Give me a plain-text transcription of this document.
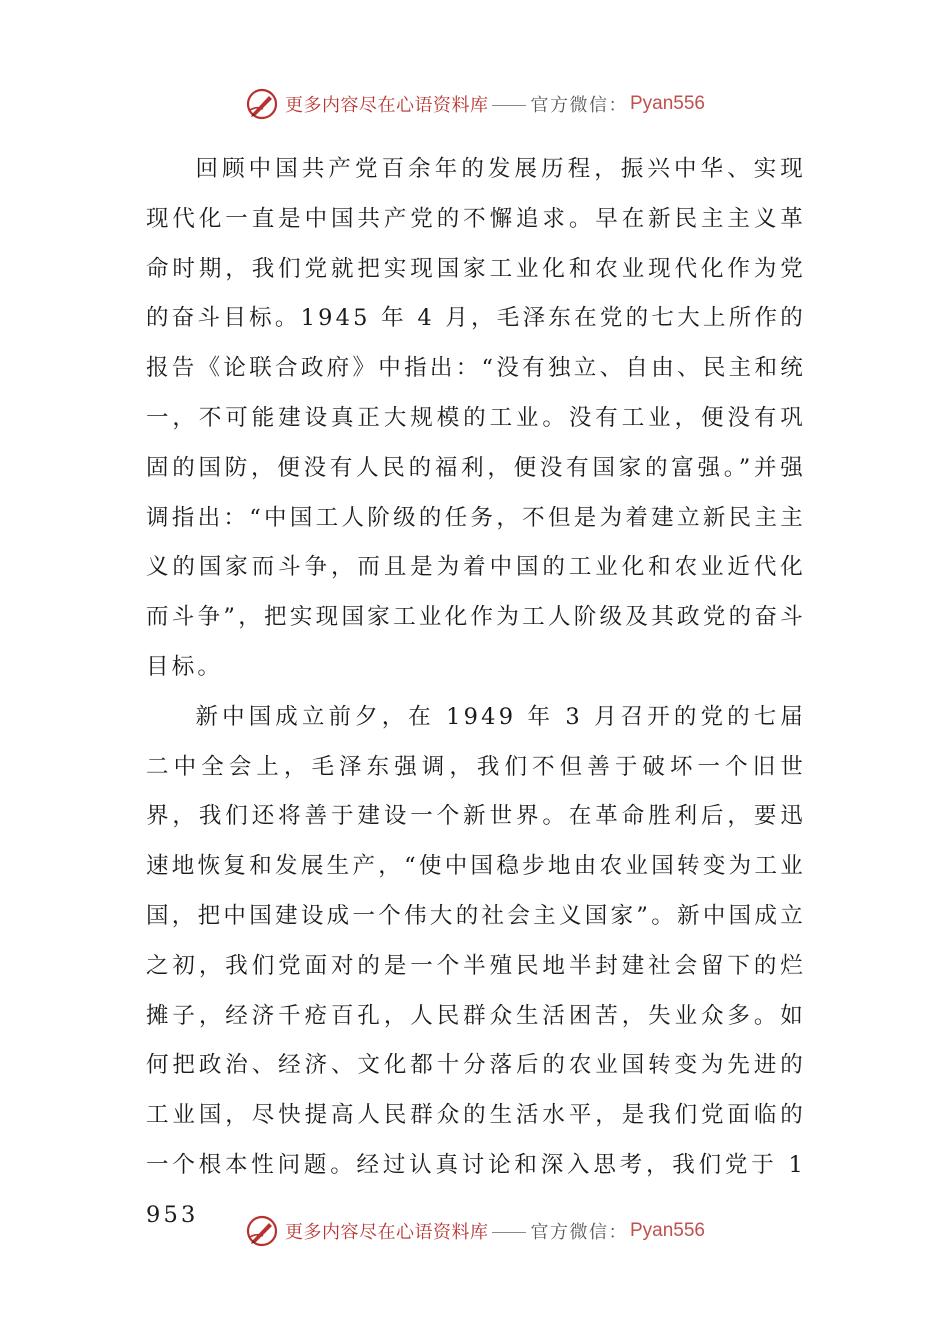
更多内容尽在心语资料库 官方微信： Pyan556

回顾中国共产党百余年的发展历程，振兴中华、实现现代化一直是中国共产党的不懈追求。早在新民主主义革命时期，我们党就把实现国家工业化和农业现代化作为党的奋斗目标。1945 年 4 月，毛泽东在党的七大上所作的报告《论联合政府》中指出：“没有独立、自由、民主和统一，不可能建设真正大规模的工业。没有工业，便没有巩固的国防，便没有人民的福利，便没有国家的富强。”并强调指出：“中国工人阶级的任务，不但是为着建立新民主主义的国家而斗争，而且是为着中国的工业化和农业近代化而斗争”，把实现国家工业化作为工人阶级及其政党的奋斗目标。

新中国成立前夕，在 1949 年 3 月召开的党的七届二中全会上，毛泽东强调，我们不但善于破坏一个旧世界，我们还将善于建设一个新世界。在革命胜利后，要迅速地恢复和发展生产，“使中国稳步地由农业国转变为工业国，把中国建设成一个伟大的社会主义国家”。新中国成立之初，我们党面对的是一个半殖民地半封建社会留下的烂摊子，经济千疮百孔，人民群众生活困苦，失业众多。如何把政治、经济、文化都十分落后的农业国转变为先进的工业国，尽快提高人民群众的生活水平，是我们党面临的一个根本性问题。经过认真讨论和深入思考，我们党于 1953

更多内容尽在心语资料库 官方微信： Pyan556
